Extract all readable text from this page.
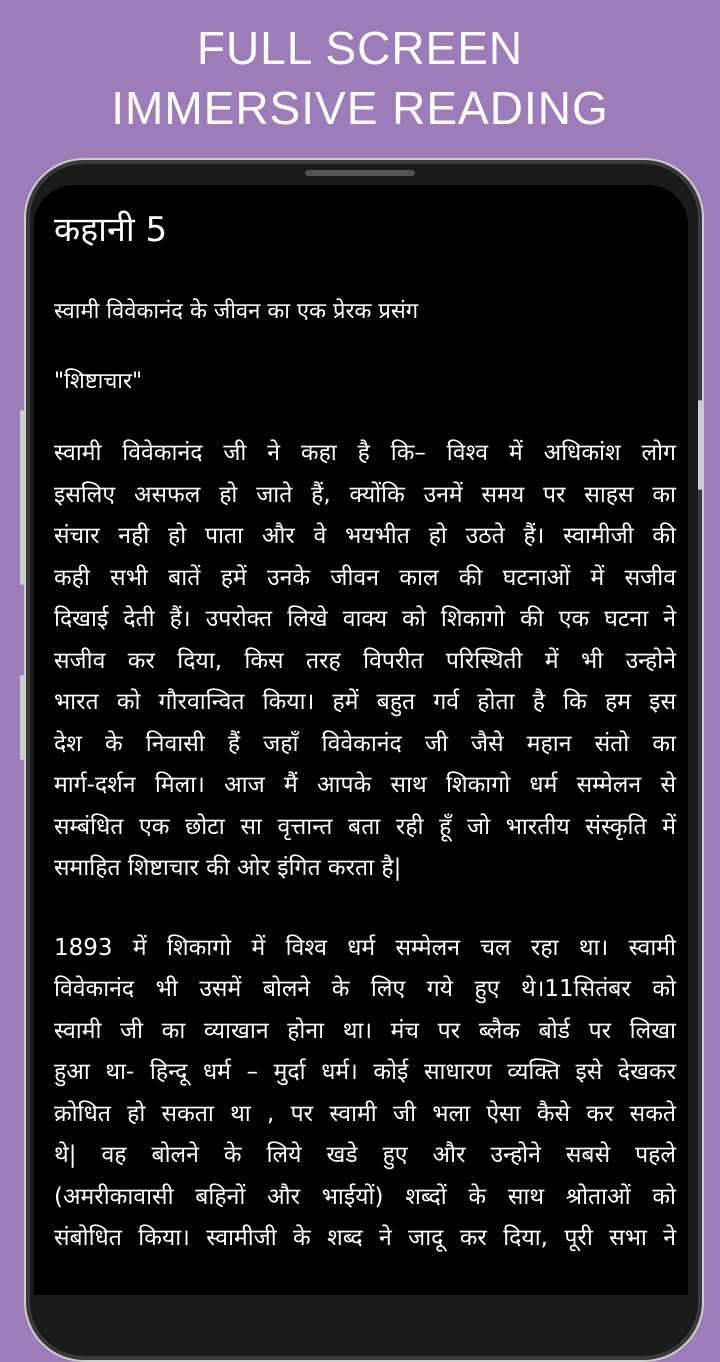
FULL SCREEN
IMMERSIVE READING
कहानी 5
स्वामी विवेकानंद के जीवन का एक प्रेरक प्रसंग
"शिष्टाचार"
स्वामी विवेकानंद जी ने कहा है कि– विश्व में अधिकांश लोग
इसलिए असफल हो जाते हैं, क्योंकि उनमें समय पर साहस का
संचार नही हो पाता और वे भयभीत हो उठते हैं। स्वामीजी की
कही सभी बातें हमें उनके जीवन काल की घटनाओं में सजीव
दिखाई देती हैं। उपरोक्त लिखे वाक्य को शिकागो की एक घटना ने
सजीव कर दिया, किस तरह विपरीत परिस्थिती में भी उन्होने
भारत को गौरवान्वित किया। हमें बहुत गर्व होता है कि हम इस
देश के निवासी हैं जहाँ विवेकानंद जी जैसे महान संतो का
मार्ग-दर्शन मिला। आज मैं आपके साथ शिकागो धर्म सम्मेलन से
सम्बंधित एक छोटा सा वृत्तान्त बता रही हूँ जो भारतीय संस्कृति में
समाहित शिष्टाचार की ओर इंगित करता है|
1893 में शिकागो में विश्व धर्म सम्मेलन चल रहा था। स्वामी
विवेकानंद भी उसमें बोलने के लिए गये हुए थे।11सितंबर को
स्वामी जी का व्याखान होना था। मंच पर ब्लैक बोर्ड पर लिखा
हुआ था- हिन्दू धर्म – मुर्दा धर्म। कोई साधारण व्यक्ति इसे देखकर
क्रोधित हो सकता था , पर स्वामी जी भला ऐसा कैसे कर सकते
थे| वह बोलने के लिये खडे हुए और उन्होने सबसे पहले
(अमरीकावासी बहिनों और भाईयों) शब्दों के साथ श्रोताओं को
संबोधित किया। स्वामीजी के शब्द ने जादू कर दिया, पूरी सभा ने
